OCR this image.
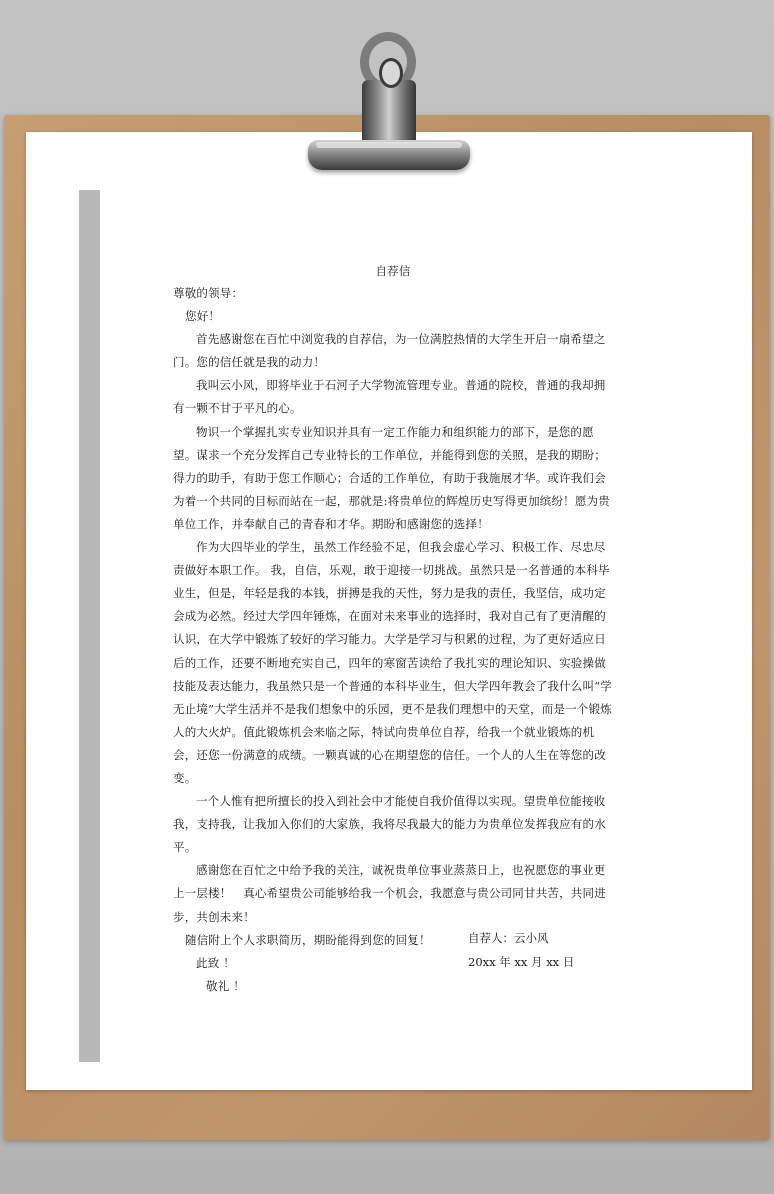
自荐信

尊敬的领导：

您好！

首先感谢您在百忙中浏览我的自荐信，为一位满腔热情的大学生开启一扇希望之门。您的信任就是我的动力！

我叫云小风，即将毕业于石河子大学物流管理专业。普通的院校，普通的我却拥有一颗不甘于平凡的心。

物识一个掌握扎实专业知识并具有一定工作能力和组织能力的部下，是您的愿望。谋求一个充分发挥自己专业特长的工作单位，并能得到您的关照，是我的期盼；得力的助手，有助于您工作顺心；合适的工作单位，有助于我施展才华。或许我们会为着一个共同的目标而站在一起，那就是:将贵单位的辉煌历史写得更加缤纷！愿为贵单位工作，并奉献自己的青春和才华。期盼和感谢您的选择！

作为大四毕业的学生，虽然工作经验不足，但我会虚心学习、积极工作、尽忠尽责做好本职工作。 我，自信，乐观，敢于迎接一切挑战。虽然只是一名普通的本科毕业生，但是，年轻是我的本钱，拼搏是我的天性，努力是我的责任，我坚信，成功定会成为必然。经过大学四年锤炼，在面对未来事业的选择时，我对自己有了更清醒的认识，在大学中锻炼了较好的学习能力。大学是学习与积累的过程，为了更好适应日后的工作，还要不断地充实自己，四年的寒窗苦读给了我扎实的理论知识、实验操做技能及表达能力，我虽然只是一个普通的本科毕业生，但大学四年教会了我什么叫“学无止境”大学生活并不是我们想象中的乐园，更不是我们理想中的天堂，而是一个锻炼人的大火炉。值此锻炼机会来临之际，特试向贵单位自荐，给我一个就业锻炼的机会，还您一份满意的成绩。一颗真诚的心在期望您的信任。一个人的人生在等您的改变。

一个人惟有把所擅长的投入到社会中才能使自我价值得以实现。望贵单位能接收我，支持我，让我加入你们的大家族，我将尽我最大的能力为贵单位发挥我应有的水平。

感谢您在百忙之中给予我的关注，诚祝贵单位事业蒸蒸日上，也祝愿您的事业更上一层楼！　真心希望贵公司能够给我一个机会，我愿意与贵公司同甘共苦，共同进步，共创未来！

随信附上个人求职简历，期盼能得到您的回复！

此致 ！

敬礼 ！

自荐人：云小风
20xx 年 xx 月 xx 日
